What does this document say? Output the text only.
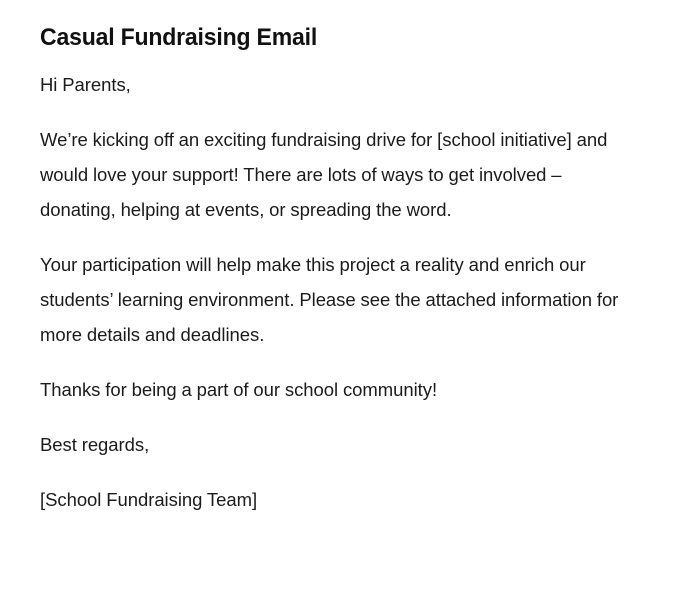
Casual Fundraising Email

Hi Parents,

We’re kicking off an exciting fundraising drive for [school initiative] and would love your support! There are lots of ways to get involved – donating, helping at events, or spreading the word.

Your participation will help make this project a reality and enrich our students’ learning environment. Please see the attached information for more details and deadlines.

Thanks for being a part of our school community!

Best regards,

[School Fundraising Team]
